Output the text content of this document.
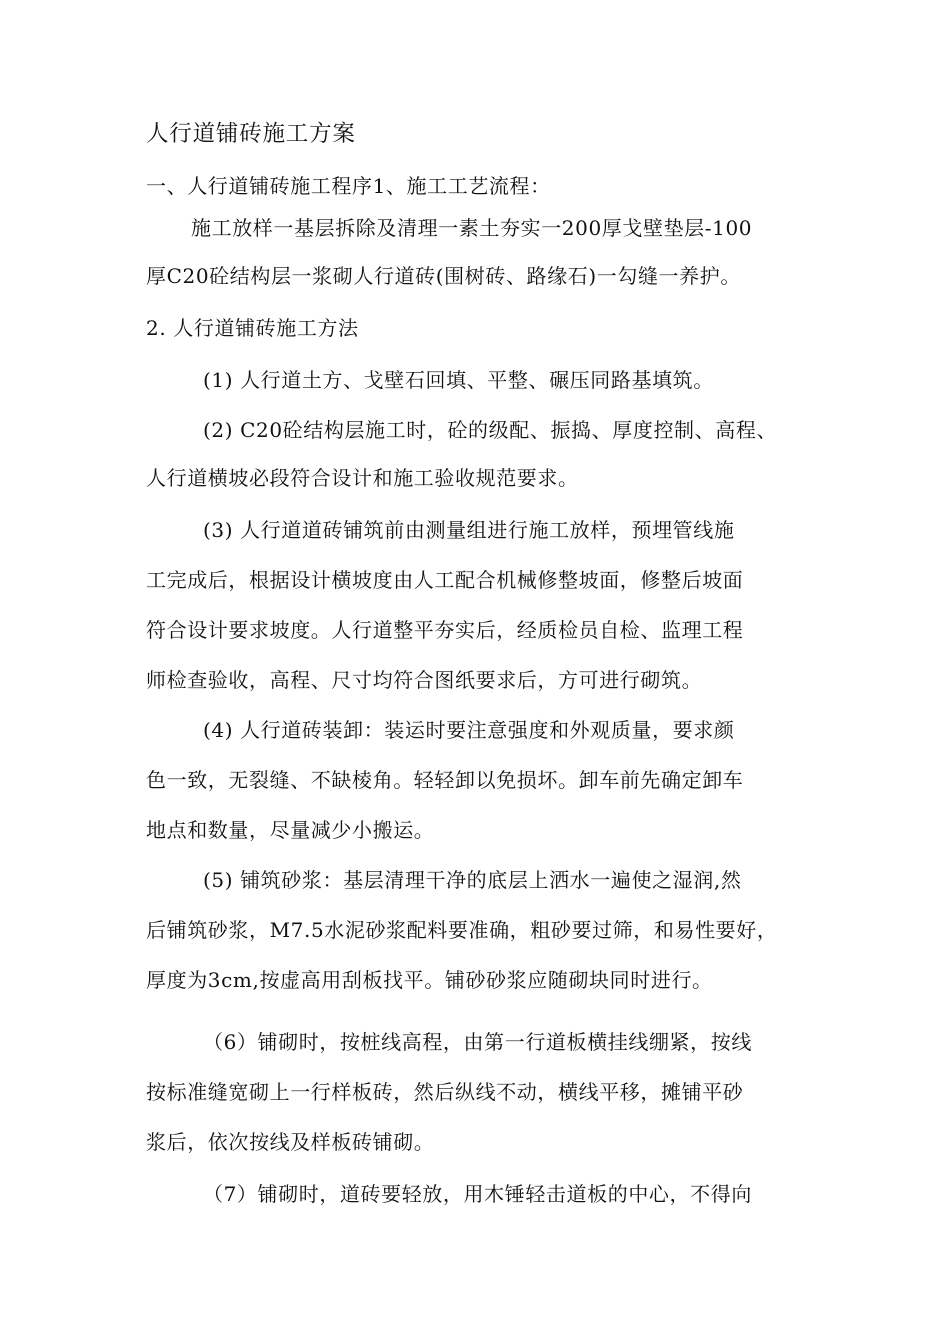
人行道铺砖施工方案
一、人行道铺砖施工程序1、施工工艺流程：
施工放样一基层拆除及清理一素土夯实一200厚戈壁垫层-100
厚C20砼结构层一浆砌人行道砖(围树砖、路缘石)一勾缝一养护。
2. 人行道铺砖施工方法
(1) 人行道土方、戈壁石回填、平整、碾压同路基填筑。
(2) C20砼结构层施工时，砼的级配、振捣、厚度控制、高程、
人行道横坡必段符合设计和施工验收规范要求。
(3) 人行道道砖铺筑前由测量组进行施工放样，预埋管线施
工完成后，根据设计横坡度由人工配合机械修整坡面，修整后坡面
符合设计要求坡度。人行道整平夯实后，经质检员自检、监理工程
师检查验收，高程、尺寸均符合图纸要求后，方可进行砌筑。
(4) 人行道砖装卸：装运时要注意强度和外观质量，要求颜
色一致，无裂缝、不缺棱角。轻轻卸以免损坏。卸车前先确定卸车
地点和数量，尽量减少小搬运。
(5) 铺筑砂浆：基层清理干净的底层上洒水一遍使之湿润,然
后铺筑砂浆，M7.5水泥砂浆配料要准确，粗砂要过筛，和易性要好，
厚度为3cm,按虚高用刮板找平。铺砂砂浆应随砌块同时进行。
（6）铺砌时，按桩线高程，由第一行道板横挂线绷紧，按线
按标准缝宽砌上一行样板砖，然后纵线不动，横线平移，摊铺平砂
浆后，依次按线及样板砖铺砌。
（7）铺砌时，道砖要轻放，用木锤轻击道板的中心，不得向
